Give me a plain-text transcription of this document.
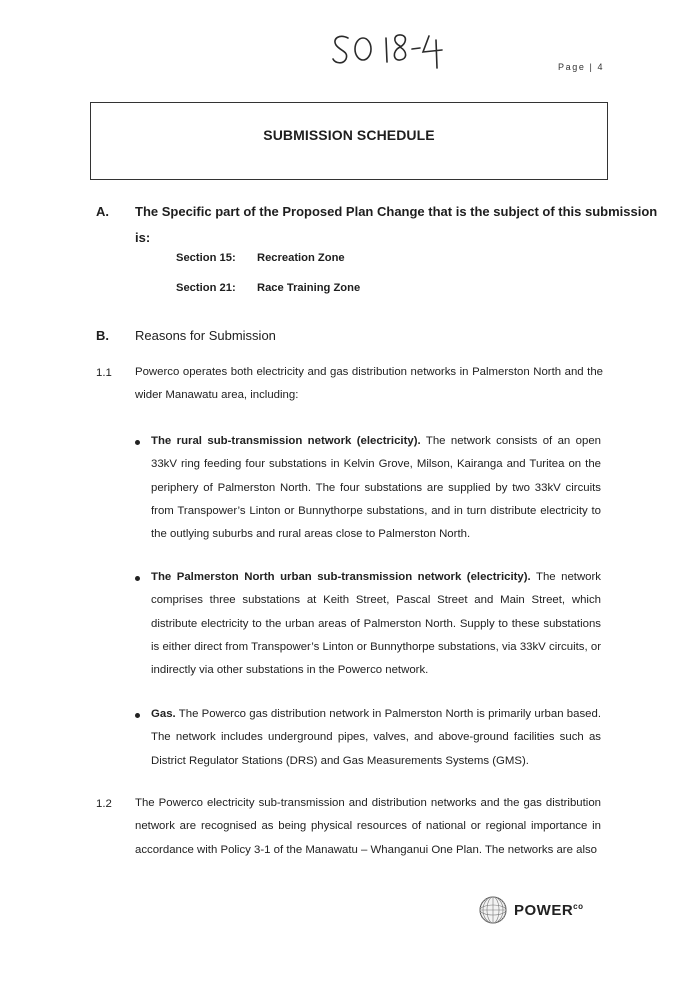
Page | 4
SUBMISSION SCHEDULE
A. The Specific part of the Proposed Plan Change that is the subject of this submission
is:
Section 15: Recreation Zone
Section 21: Race Training Zone
B. Reasons for Submission
1.1 Powerco operates both electricity and gas distribution networks in Palmerston North and the wider Manawatu area, including:
The rural sub-transmission network (electricity). The network consists of an open 33kV ring feeding four substations in Kelvin Grove, Milson, Kairanga and Turitea on the periphery of Palmerston North. The four substations are supplied by two 33kV circuits from Transpower’s Linton or Bunnythorpe substations, and in turn distribute electricity to the outlying suburbs and rural areas close to Palmerston North.
The Palmerston North urban sub-transmission network (electricity). The network comprises three substations at Keith Street, Pascal Street and Main Street, which distribute electricity to the urban areas of Palmerston North. Supply to these substations is either direct from Transpower’s Linton or Bunnythorpe substations, via 33kV circuits, or indirectly via other substations in the Powerco network.
Gas. The Powerco gas distribution network in Palmerston North is primarily urban based. The network includes underground pipes, valves, and above-ground facilities such as District Regulator Stations (DRS) and Gas Measurements Systems (GMS).
1.2 The Powerco electricity sub-transmission and distribution networks and the gas distribution network are recognised as being physical resources of national or regional importance in accordance with Policy 3-1 of the Manawatu – Whanganui One Plan. The networks are also
$POWER^{co}$
